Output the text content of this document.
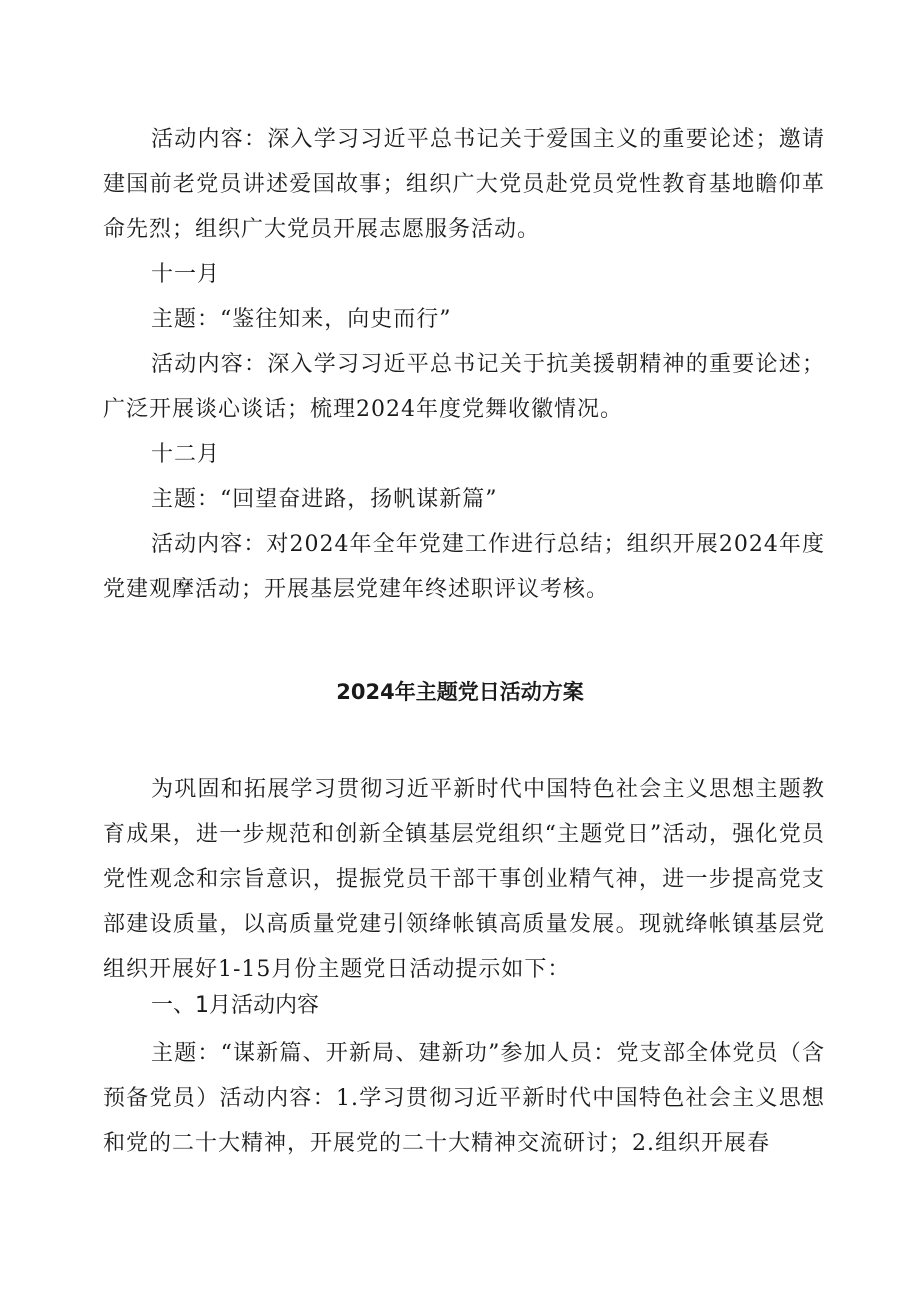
活动内容：深入学习习近平总书记关于爱国主义的重要论述；邀请建国前老党员讲述爱国故事；组织广大党员赴党员党性教育基地瞻仰革命先烈；组织广大党员开展志愿服务活动。
十一月
主题：“鉴往知来，向史而行”
活动内容：深入学习习近平总书记关于抗美援朝精神的重要论述；广泛开展谈心谈话；梳理2024年度党舞收徽情况。
十二月
主题：“回望奋进路，扬帆谋新篇”
活动内容：对2024年全年党建工作进行总结；组织开展2024年度党建观摩活动；开展基层党建年终述职评议考核。
2024年主题党日活动方案
为巩固和拓展学习贯彻习近平新时代中国特色社会主义思想主题教育成果，进一步规范和创新全镇基层党组织“主题党日”活动，强化党员党性观念和宗旨意识，提振党员干部干事创业精气神，进一步提高党支部建设质量，以高质量党建引领绛帐镇高质量发展。现就绛帐镇基层党组织开展好1-15月份主题党日活动提示如下：
一、1月活动内容
主题：“谋新篇、开新局、建新功”参加人员：党支部全体党员（含预备党员）活动内容：1.学习贯彻习近平新时代中国特色社会主义思想和党的二十大精神，开展党的二十大精神交流研讨；2.组织开展春
